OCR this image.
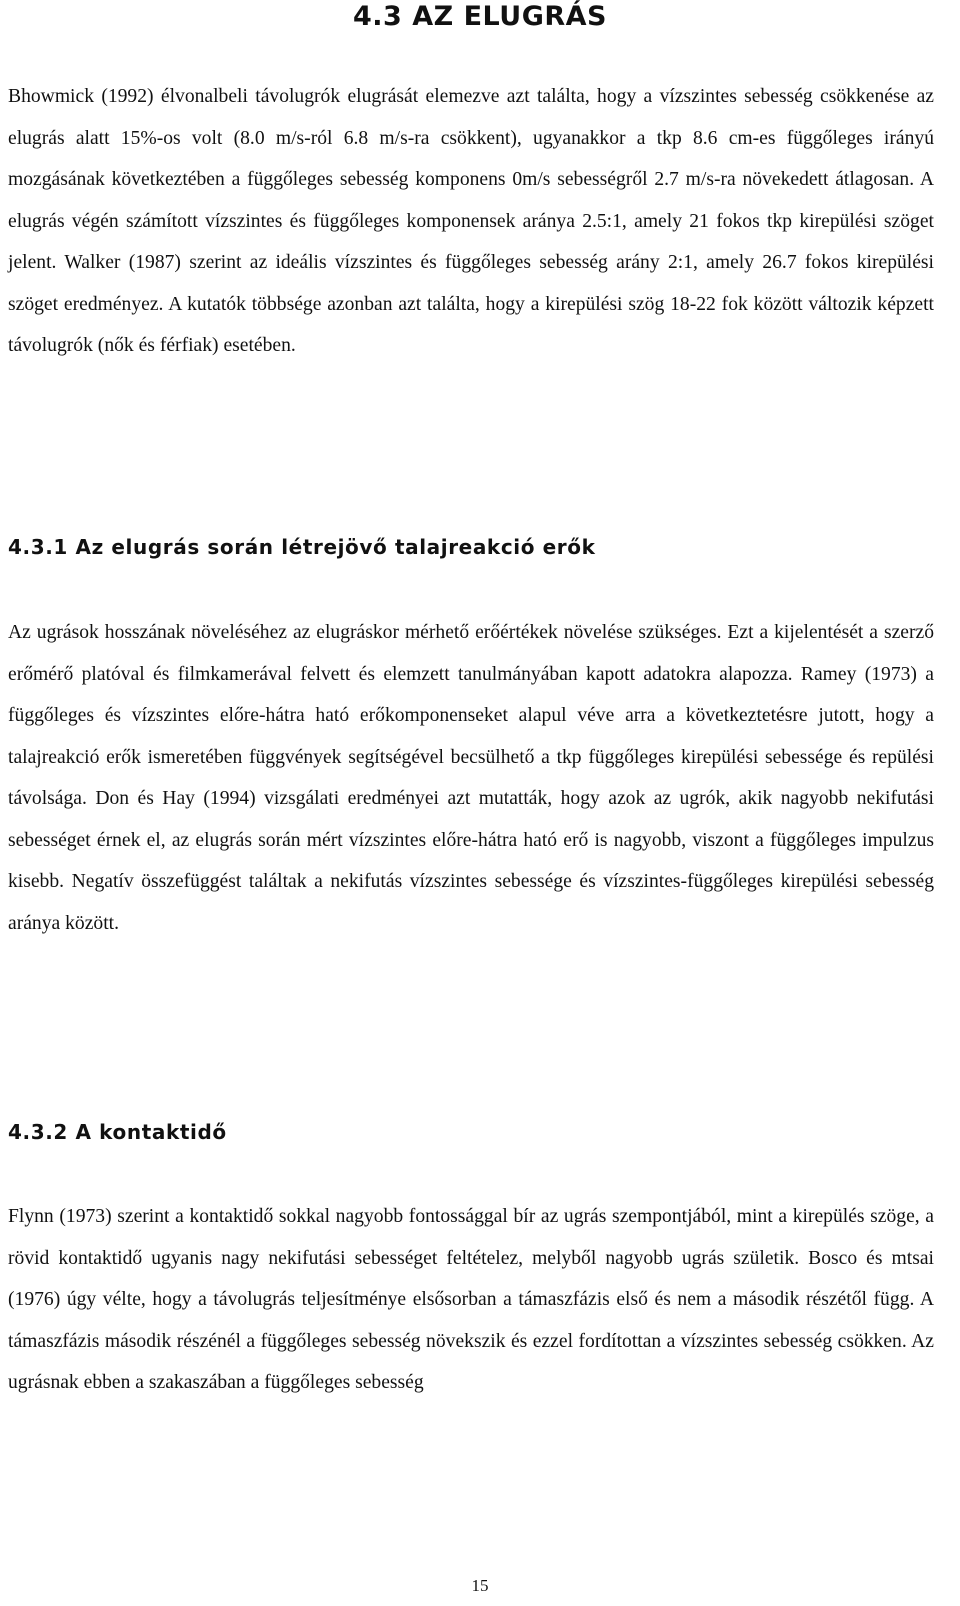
4.3 AZ ELUGRÁS

Bhowmick (1992) élvonalbeli távolugrók elugrását elemezve azt találta, hogy a vízszintes sebesség csökkenése az elugrás alatt 15%-os volt (8.0 m/s-ról 6.8 m/s-ra csökkent), ugyanakkor a tkp 8.6 cm-es függőleges irányú mozgásának következtében a függőleges sebesség komponens 0m/s sebességről 2.7 m/s-ra növekedett átlagosan. A elugrás végén számított vízszintes és függőleges komponensek aránya 2.5:1, amely 21 fokos tkp kirepülési szöget jelent. Walker (1987) szerint az ideális vízszintes és függőleges sebesség arány 2:1, amely 26.7 fokos kirepülési szöget eredményez. A kutatók többsége azonban azt találta, hogy a kirepülési szög 18-22 fok között változik képzett távolugrók (nők és férfiak) esetében.

4.3.1 Az elugrás során létrejövő talajreakció erők

Az ugrások hosszának növeléséhez az elugráskor mérhető erőértékek növelése szükséges. Ezt a kijelentését a szerző erőmérő platóval és filmkamerával felvett és elemzett tanulmányában kapott adatokra alapozza. Ramey (1973) a függőleges és vízszintes előre-hátra ható erőkomponenseket alapul véve arra a következtetésre jutott, hogy a talajreakció erők ismeretében függvények segítségével becsülhető a tkp függőleges kirepülési sebessége és repülési távolsága. Don és Hay (1994) vizsgálati eredményei azt mutatták, hogy azok az ugrók, akik nagyobb nekifutási sebességet érnek el, az elugrás során mért vízszintes előre-hátra ható erő is nagyobb, viszont a függőleges impulzus kisebb. Negatív összefüggést találtak a nekifutás vízszintes sebessége és vízszintes-függőleges kirepülési sebesség aránya között.

4.3.2 A kontaktidő

Flynn (1973) szerint a kontaktidő sokkal nagyobb fontossággal bír az ugrás szempontjából, mint a kirepülés szöge, a rövid kontaktidő ugyanis nagy nekifutási sebességet feltételez, melyből nagyobb ugrás születik. Bosco és mtsai (1976) úgy vélte, hogy a távolugrás teljesítménye elsősorban a támaszfázis első és nem a második részétől függ. A támaszfázis második részénél a függőleges sebesség növekszik és ezzel fordítottan a vízszintes sebesség csökken. Az ugrásnak ebben a szakaszában a függőleges sebesség

15
